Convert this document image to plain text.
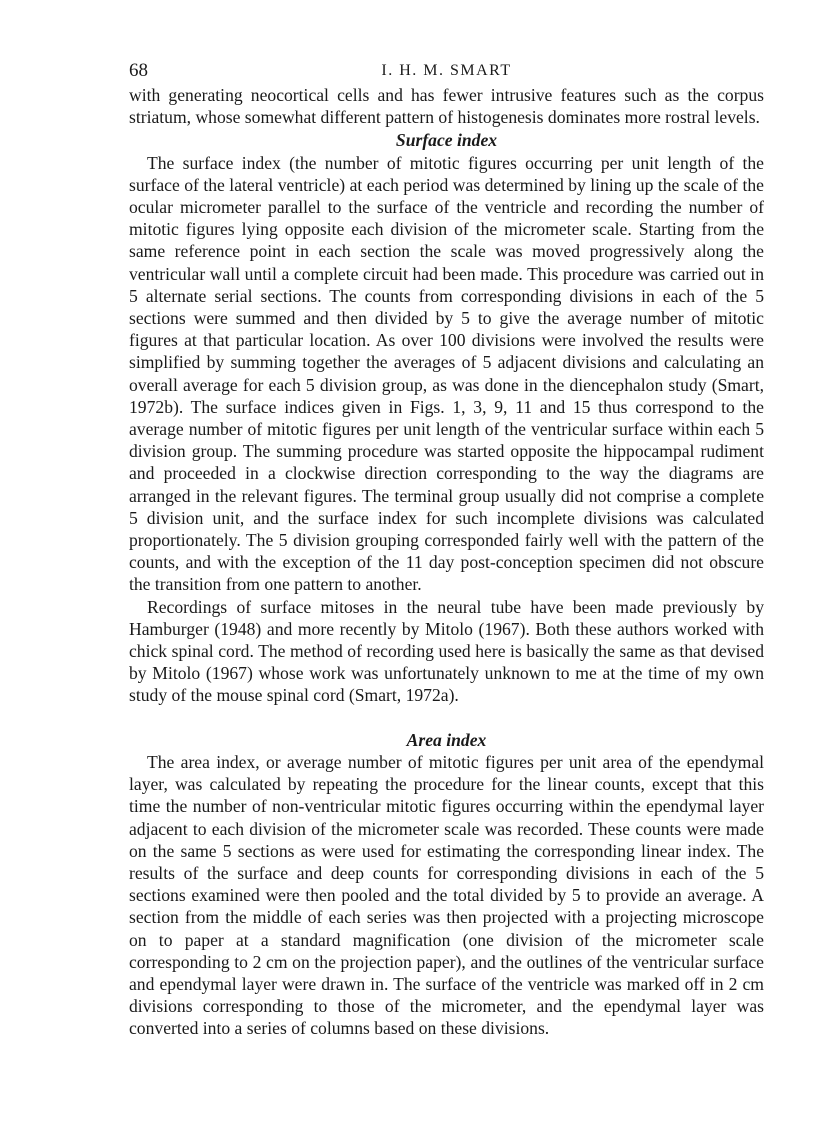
68	I. H. M. SMART

with generating neocortical cells and has fewer intrusive features such as the corpus striatum, whose somewhat different pattern of histogenesis dominates more rostral levels.

Surface index

The surface index (the number of mitotic figures occurring per unit length of the surface of the lateral ventricle) at each period was determined by lining up the scale of the ocular micrometer parallel to the surface of the ventricle and recording the number of mitotic figures lying opposite each division of the micrometer scale. Starting from the same reference point in each section the scale was moved progressively along the ventricular wall until a complete circuit had been made. This procedure was carried out in 5 alternate serial sections. The counts from corresponding divisions in each of the 5 sections were summed and then divided by 5 to give the average number of mitotic figures at that particular location. As over 100 divisions were involved the results were simplified by summing together the averages of 5 adjacent divisions and calculating an overall average for each 5 division group, as was done in the diencephalon study (Smart, 1972b). The surface indices given in Figs. 1, 3, 9, 11 and 15 thus correspond to the average number of mitotic figures per unit length of the ventricular surface within each 5 division group. The summing procedure was started opposite the hippocampal rudiment and proceeded in a clockwise direction corresponding to the way the diagrams are arranged in the relevant figures. The terminal group usually did not comprise a complete 5 division unit, and the surface index for such incomplete divisions was calculated proportionately. The 5 division grouping corresponded fairly well with the pattern of the counts, and with the exception of the 11 day post-conception specimen did not obscure the transition from one pattern to another.

Recordings of surface mitoses in the neural tube have been made previously by Hamburger (1948) and more recently by Mitolo (1967). Both these authors worked with chick spinal cord. The method of recording used here is basically the same as that devised by Mitolo (1967) whose work was unfortunately unknown to me at the time of my own study of the mouse spinal cord (Smart, 1972a).

Area index

The area index, or average number of mitotic figures per unit area of the ependymal layer, was calculated by repeating the procedure for the linear counts, except that this time the number of non-ventricular mitotic figures occurring within the ependymal layer adjacent to each division of the micrometer scale was recorded. These counts were made on the same 5 sections as were used for estimating the corresponding linear index. The results of the surface and deep counts for corresponding divisions in each of the 5 sections examined were then pooled and the total divided by 5 to provide an average. A section from the middle of each series was then projected with a projecting microscope on to paper at a standard magnification (one division of the micrometer scale corresponding to 2 cm on the projection paper), and the outlines of the ventricular surface and ependymal layer were drawn in. The surface of the ventricle was marked off in 2 cm divisions corresponding to those of the micrometer, and the ependymal layer was converted into a series of columns based on these divisions.
